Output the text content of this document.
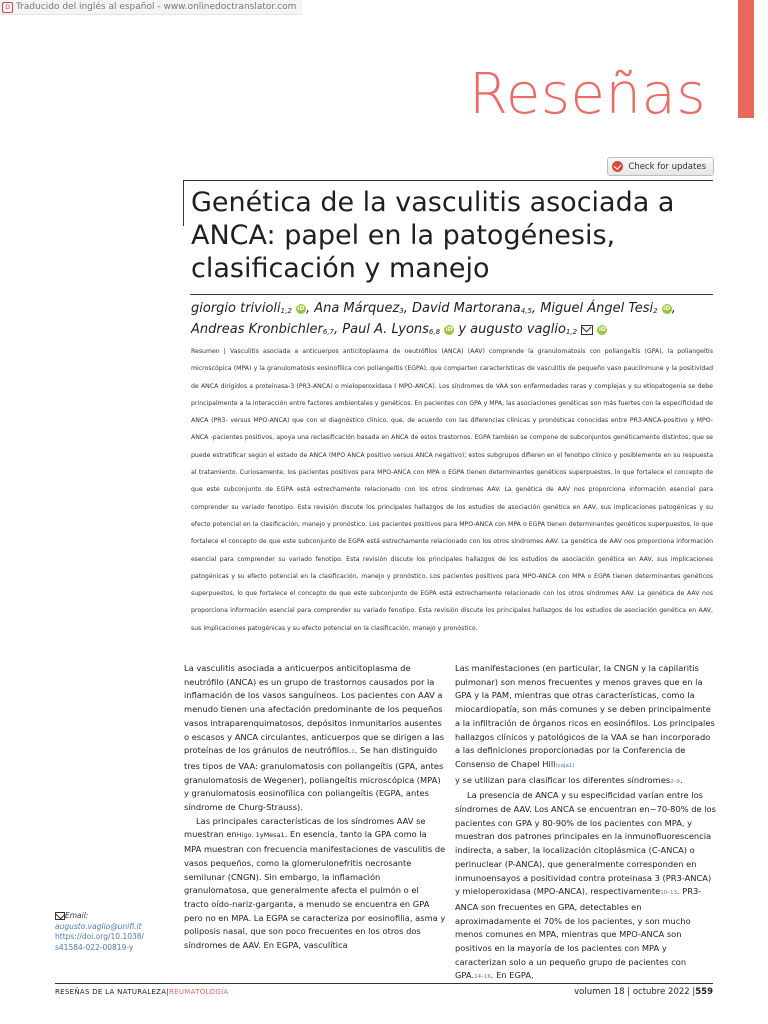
D Traducido del inglés al español - www.onlinedoctranslator.com
Reseñas
Check for updates
Genética de la vasculitis asociada a ANCA: papel en la patogénesis, clasificación y manejo
giorgio trivioli$_{1,2}$ iD, Ana Márquez$_3$, David Martorana$_{4,5}$, Miguel Ángel Tesi$_2$ iD, Andreas Kronbichler$_{6,7}$, Paul A. Lyons$_{6,8}$ iD y augusto vaglio$_{1,2}$	iD
Resumen | Vasculitis asociada a anticuerpos anticitoplasma de neutrófilos (ANCA) (AAV) comprende la granulomatosis con poliangeítis (GPA), la poliangeítis microscópica (MPA) y la granulomatosis eosinofílica con poliangeítis (EGPA), que comparten características de vasculitis de pequeño vaso paucilnmune y la positividad de ANCA dirigidos a proteinasa-3 (PR3-ANCA) o mieloperoxidasa ( MPO-ANCA). Los síndromes de VAA son enfermedades raras y complejas y su etiopatogenia se debe principalmente a la interacción entre factores ambientales y genéticos. En pacientes con GPA y MPA, las asociaciones genéticas son más fuertes con la especificidad de ANCA (PR3- versus MPO-ANCA) que con el diagnóstico clínico, que, de acuerdo con las diferencias clínicas y pronósticas conocidas entre PR3-ANCA-positivo y MPO-ANCA -pacientes positivos, apoya una reclasificación basada en ANCA de estos trastornos. EGPA también se compone de subconjuntos genéticamente distintos, que se puede estratificar según el estado de ANCA (MPO ANCA positivo versus ANCA negativo); estos subgrupos difieren en el fenotipo clínico y posiblemente en su respuesta al tratamiento. Curiosamente, los pacientes positivos para MPO-ANCA con MPA o EGPA tienen determinantes genéticos superpuestos, lo que fortalece el concepto de que este subconjunto de EGPA está estrechamente relacionado con los otros síndromes AAV. La genética de AAV nos proporciona información esencial para comprender su variado fenotipo. Esta revisión discute los principales hallazgos de los estudios de asociación genética en AAV, sus implicaciones patogénicas y su efecto potencial en la clasificación, manejo y pronóstico. Los pacientes positivos para MPO-ANCA con MPA o EGPA tienen determinantes genéticos superpuestos, lo que fortalece el concepto de que este subconjunto de EGPA está estrechamente relacionado con los otros síndromes AAV. La genética de AAV nos proporciona información esencial para comprender su variado fenotipo. Esta revisión discute los principales hallazgos de los estudios de asociación genética en AAV, sus implicaciones patogénicas y su efecto potencial en la clasificación, manejo y pronóstico. Los pacientes positivos para MPO-ANCA con MPA o EGPA tienen determinantes genéticos superpuestos, lo que fortalece el concepto de que este subconjunto de EGPA está estrechamente relacionado con los otros síndromes AAV. La genética de AAV nos proporciona información esencial para comprender su variado fenotipo. Esta revisión discute los principales hallazgos de los estudios de asociación genética en AAV, sus implicaciones patogénicas y su efecto potencial en la clasificación, manejo y pronóstico.

La vasculitis asociada a anticuerpos anticitoplasma de neutrófilo (ANCA) es un grupo de trastornos causados por la inflamación de los vasos sanguíneos. Los pacientes con AAV a menudo tienen una afectación predominante de los pequeños vasos intraparenquimatosos, depósitos inmunitarios ausentes o escasos y ANCA circulantes, anticuerpos que se dirigen a las proteínas de los gránulos de neutrófilos.1. Se han distinguido tres tipos de VAA: granulomatosis con poliangeítis (GPA, antes granulomatosis de Wegener), poliangeítis microscópica (MPA) y granulomatosis eosinofílica con poliangeítis (EGPA, antes síndrome de Churg-Strauss).

Las principales características de los síndromes AAV se muestran enHigo. 1yMesa1. En esencia, tanto la GPA como la MPA muestran con frecuencia manifestaciones de vasculitis de vasos pequeños, como la glomerulonefritis necrosante semilunar (CNGN). Sin embargo, la inflamación granulomatosa, que generalmente afecta el pulmón o el tracto oído-nariz-garganta, a menudo se encuentra en GPA pero no en MPA. La EGPA se caracteriza por eosinofilia, asma y poliposis nasal, que son poco frecuentes en los otros dos síndromes de AAV. En EGPA, vasculítica

Las manifestaciones (en particular, la CNGN y la capilaritis pulmonar) son menos frecuentes y menos graves que en la GPA y la PAM, mientras que otras características, como la miocardiopatía, son más comunes y se deben principalmente a la infiltración de órganos ricos en eosinófilos. Los principales hallazgos clínicos y patológicos de la VAA se han incorporado a las definiciones proporcionadas por la Conferencia de Consenso de Chapel Hill(caja1)
y se utilizan para clasificar los diferentes síndromes2–9.

La presencia de ANCA y su especificidad varían entre los síndromes de AAV. Los ANCA se encuentran en~70-80% de los pacientes con GPA y 80-90% de los pacientes con MPA, y muestran dos patrones principales en la inmunofluorescencia indirecta, a saber, la localización citoplásmica (C-ANCA) o perinuclear (P-ANCA), que generalmente corresponden en inmunoensayos a positividad contra proteinasa 3 (PR3-ANCA) y mieloperoxidasa (MPO-ANCA), respectivamente10–13. PR3-ANCA son frecuentes en GPA, detectables en aproximadamente el 70% de los pacientes, y son mucho menos comunes en MPA, mientras que MPO-ANCA son positivos en la mayoría de los pacientes con MPA y caracterizan solo a un pequeño grupo de pacientes con GPA.14–16. En EGPA,

Email:
augusto.vaglio@unifi.it
https://doi.org/10.1038/
s41584-022-00819-y
RESEÑAS DE LA NATURALEZA|REUMATOLOGÍA	volumen 18 | octubre 2022 |559
